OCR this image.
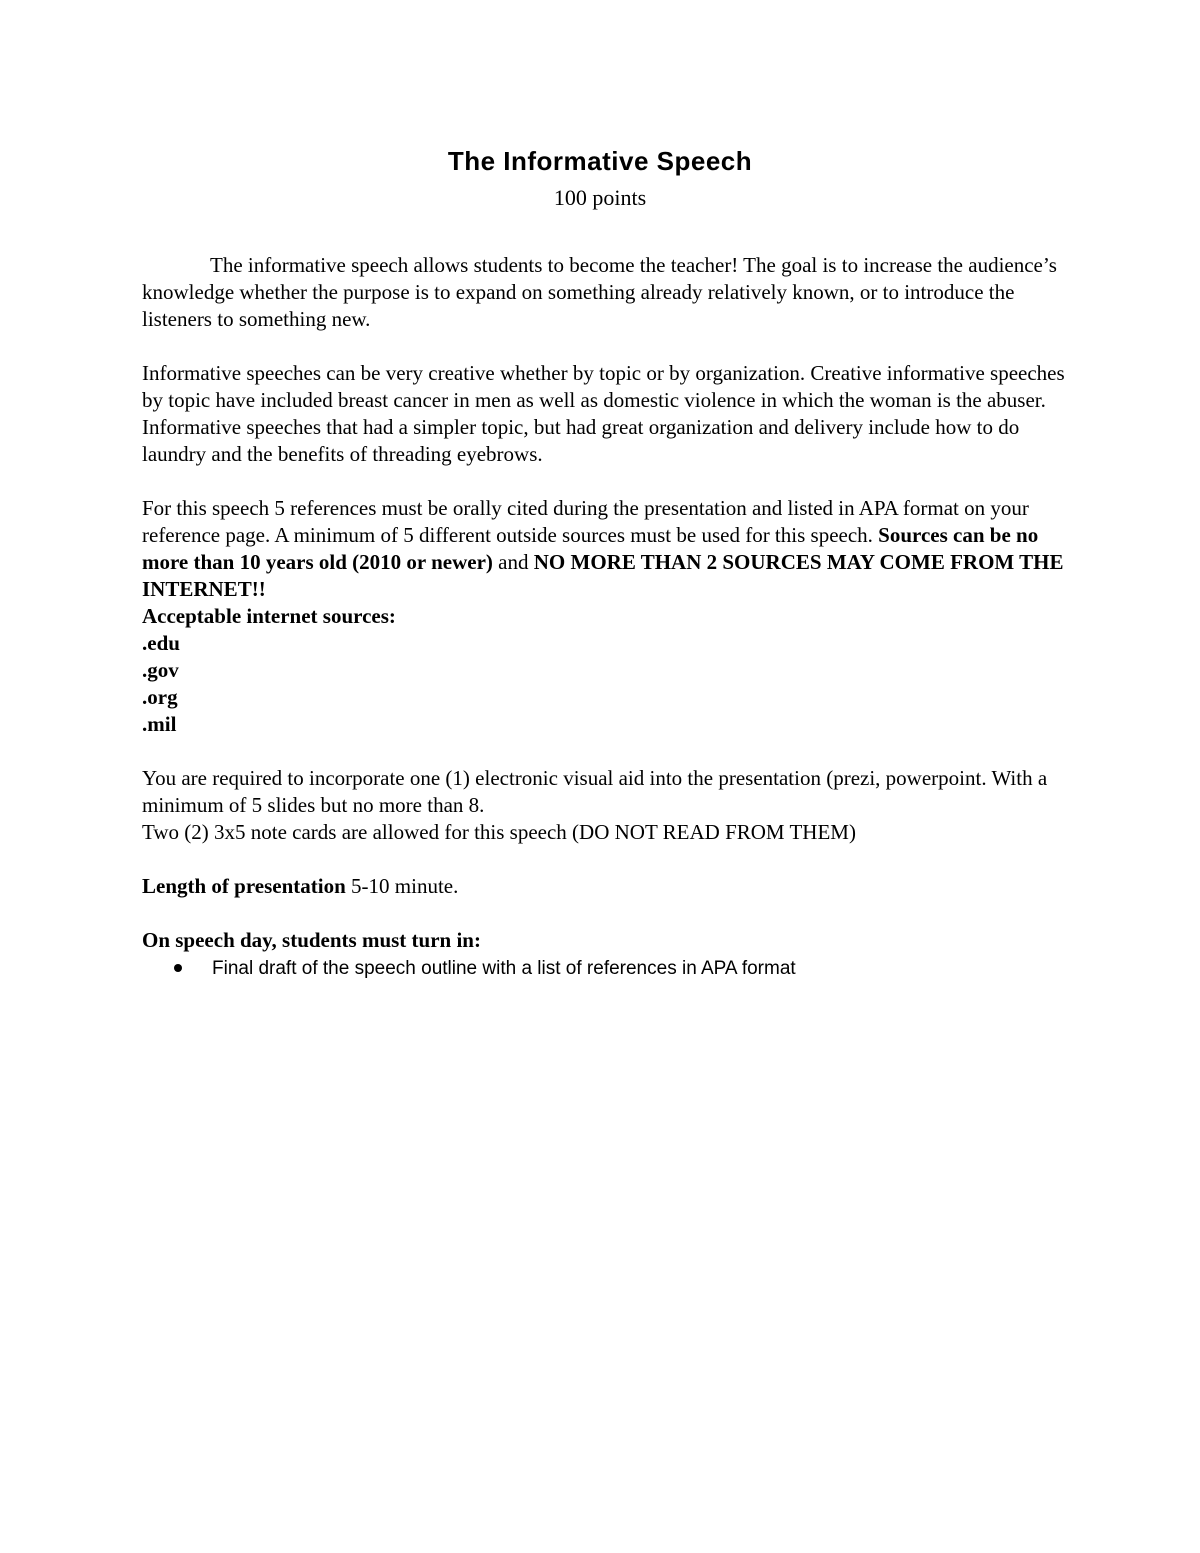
The Informative Speech
100 points

The informative speech allows students to become the teacher! The goal is to increase the audience’s knowledge whether the purpose is to expand on something already relatively known, or to introduce the listeners to something new.

Informative speeches can be very creative whether by topic or by organization. Creative informative speeches by topic have included breast cancer in men as well as domestic violence in which the woman is the abuser. Informative speeches that had a simpler topic, but had great organization and delivery include how to do laundry and the benefits of threading eyebrows.

For this speech 5 references must be orally cited during the presentation and listed in APA format on your reference page. A minimum of 5 different outside sources must be used for this speech. Sources can be no more than 10 years old (2010 or newer) and NO MORE THAN 2 SOURCES MAY COME FROM THE INTERNET!!

Acceptable internet sources:

.edu

.gov

.org

.mil

You are required to incorporate one (1) electronic visual aid into the presentation (prezi, powerpoint. With a minimum of 5 slides but no more than 8.

Two (2) 3x5 note cards are allowed for this speech (DO NOT READ FROM THEM)

Length of presentation 5-10 minute.

On speech day, students must turn in:

Final draft of the speech outline with a list of references in APA format
